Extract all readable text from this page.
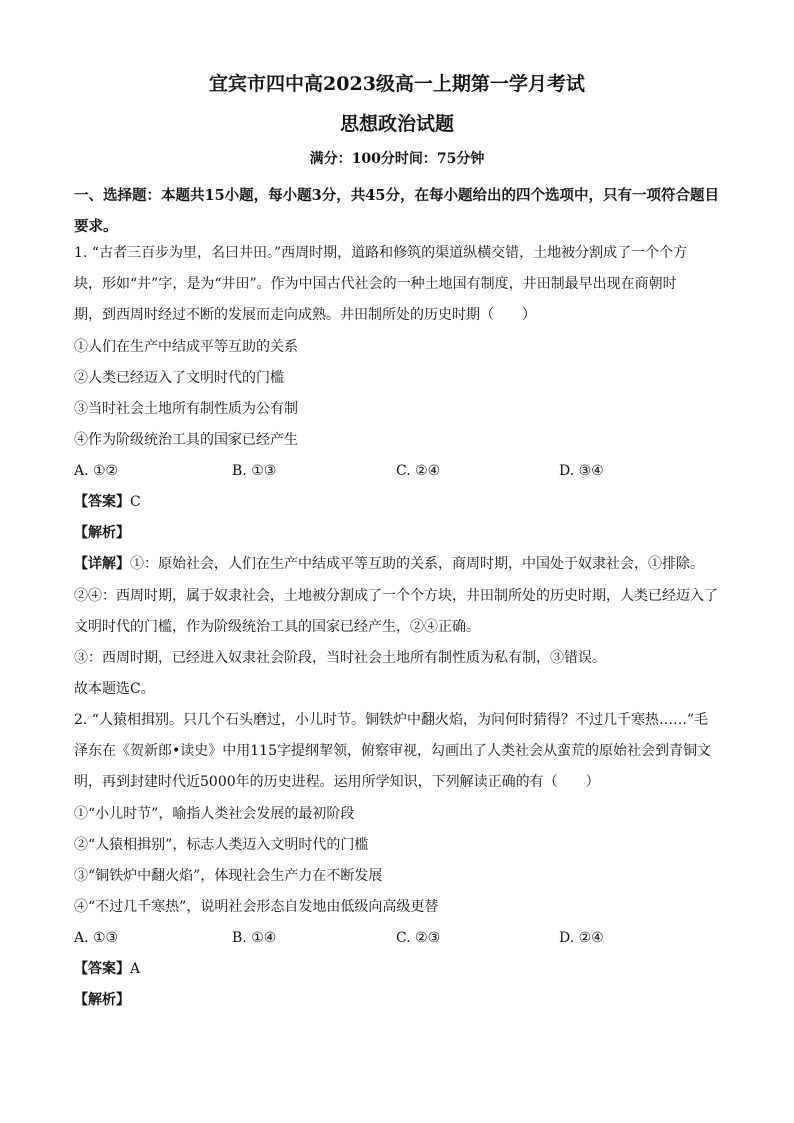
宜宾市四中高2023级高一上期第一学月考试
思想政治试题
满分：100分时间：75分钟
一、选择题：本题共15小题，每小题3分，共45分，在每小题给出的四个选项中，只有一项符合题目要求。
1. “古者三百步为里，名曰井田。”西周时期，道路和修筑的渠道纵横交错，土地被分割成了一个个方
块，形如“井”字，是为“井田”。作为中国古代社会的一种土地国有制度，井田制最早出现在商朝时
期，到西周时经过不断的发展而走向成熟。井田制所处的历史时期（　　）
①人们在生产中结成平等互助的关系
②人类已经迈入了文明时代的门槛
③当时社会土地所有制性质为公有制
④作为阶级统治工具的国家已经产生
A. ①②	B. ①③	C. ②④	D. ③④
【答案】C
【解析】
【详解】①：原始社会，人们在生产中结成平等互助的关系，商周时期，中国处于奴隶社会，①排除。
②④：西周时期，属于奴隶社会，土地被分割成了一个个方块，井田制所处的历史时期，人类已经迈入了
文明时代的门槛，作为阶级统治工具的国家已经产生，②④正确。
③：西周时期，已经进入奴隶社会阶段，当时社会土地所有制性质为私有制，③错误。
故本题选C。
2. “人猿相揖别。只几个石头磨过，小儿时节。铜铁炉中翻火焰，为问何时猜得？不过几千寒热……”毛
泽东在《贺新郎•读史》中用115字提纲挈领，俯察审视，勾画出了人类社会从蛮荒的原始社会到青铜文
明，再到封建时代近5000年的历史进程。运用所学知识，下列解读正确的有（　　）
①“小儿时节”，喻指人类社会发展的最初阶段
②“人猿相揖别”，标志人类迈入文明时代的门槛
③“铜铁炉中翻火焰”，体现社会生产力在不断发展
④“不过几千寒热”，说明社会形态自发地由低级向高级更替
A. ①③	B. ①④	C. ②③	D. ②④
【答案】A
【解析】
